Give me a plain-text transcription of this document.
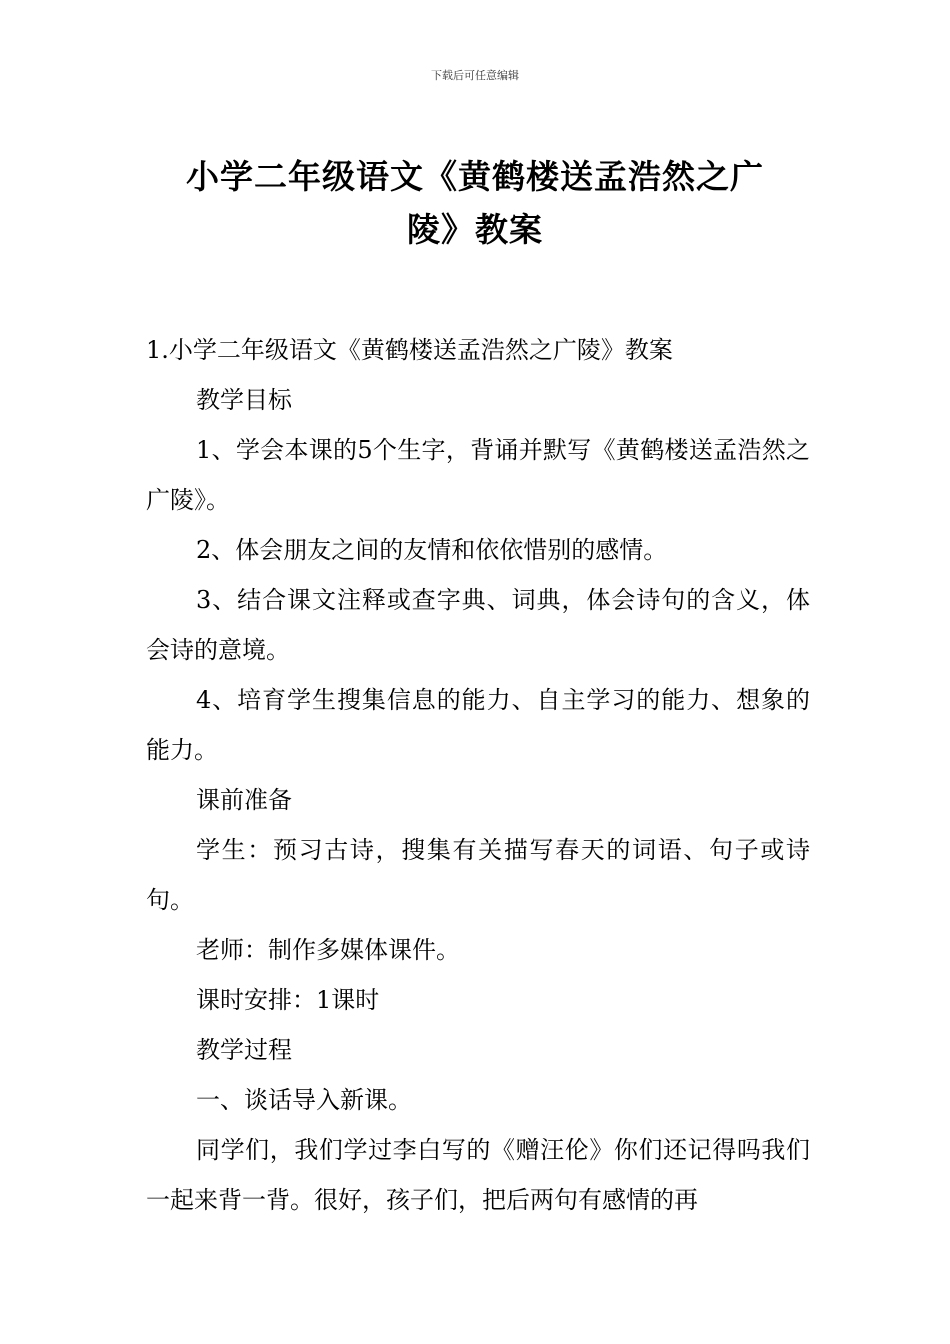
下载后可任意编辑
小学二年级语文《黄鹤楼送孟浩然之广
陵》教案

1.小学二年级语文《黄鹤楼送孟浩然之广陵》教案

教学目标

1、学会本课的5个生字，背诵并默写《黄鹤楼送孟浩然之广陵》。

2、体会朋友之间的友情和依依惜别的感情。

3、结合课文注释或查字典、词典，体会诗句的含义，体会诗的意境。

4、培育学生搜集信息的能力、自主学习的能力、想象的能力。

课前准备

学生：预习古诗，搜集有关描写春天的词语、句子或诗句。

老师：制作多媒体课件。

课时安排：1课时

教学过程

一、谈话导入新课。

同学们，我们学过李白写的《赠汪伦》你们还记得吗我们一起来背一背。很好，孩子们，把后两句有感情的再
